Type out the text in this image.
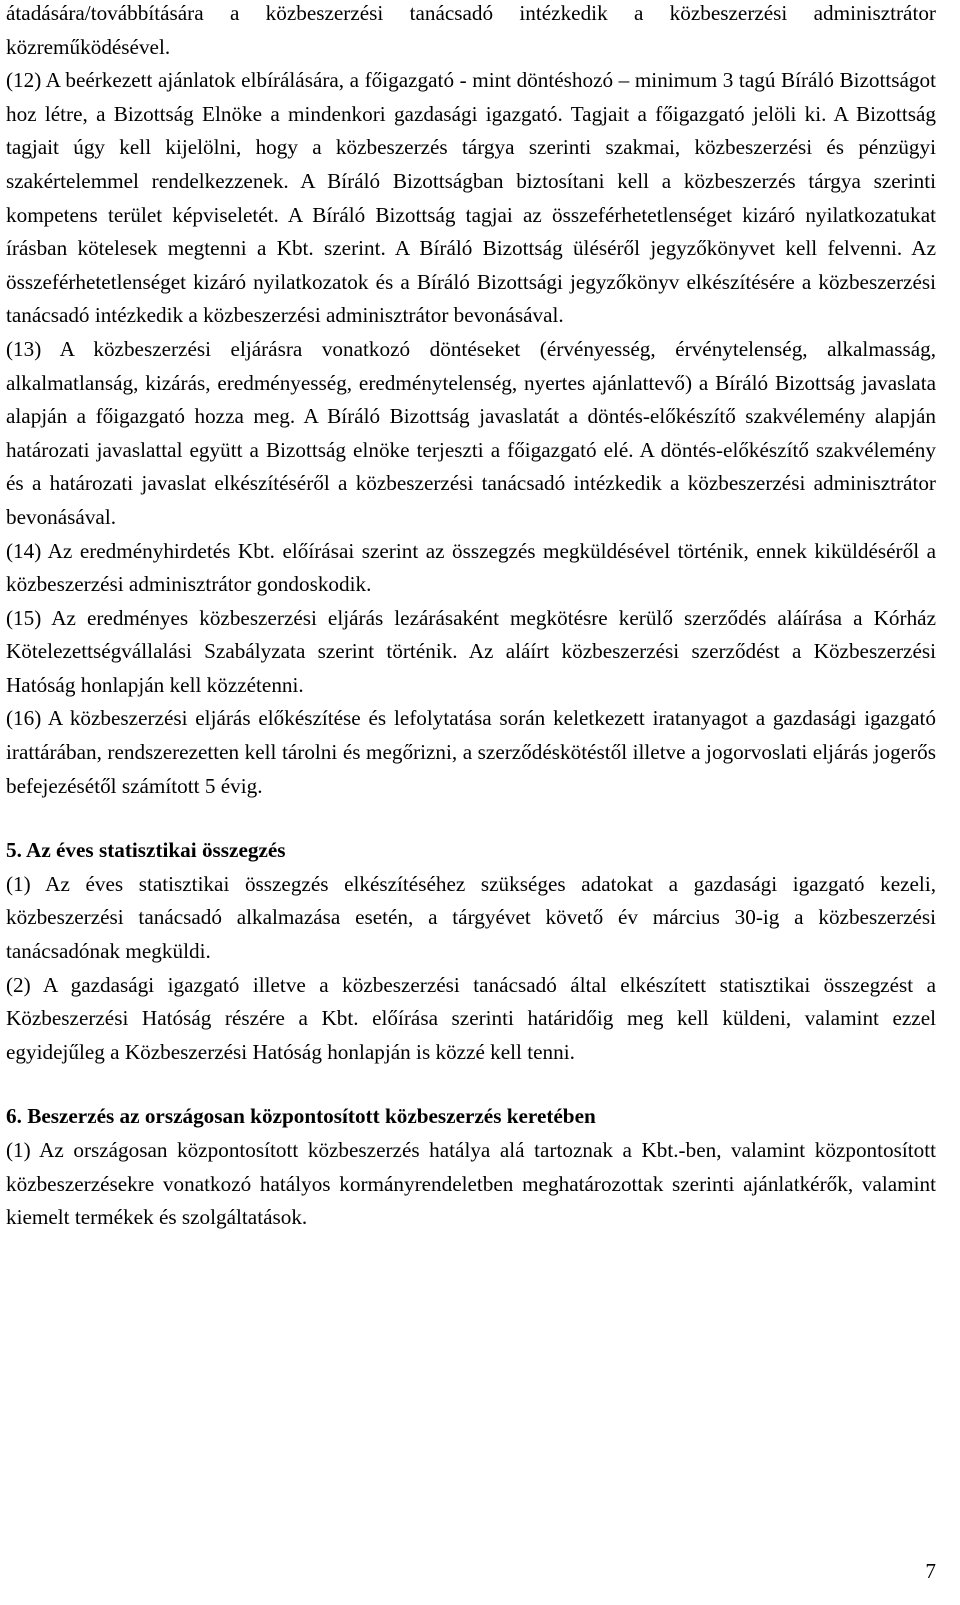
átadására/továbbítására a közbeszerzési tanácsadó intézkedik a közbeszerzési adminisztrátor közreműködésével.

(12) A beérkezett ajánlatok elbírálására, a főigazgató - mint döntéshozó – minimum 3 tagú Bíráló Bizottságot hoz létre, a Bizottság Elnöke a mindenkori gazdasági igazgató. Tagjait a főigazgató jelöli ki. A Bizottság tagjait úgy kell kijelölni, hogy a közbeszerzés tárgya szerinti szakmai, közbeszerzési és pénzügyi szakértelemmel rendelkezzenek. A Bíráló Bizottságban biztosítani kell a közbeszerzés tárgya szerinti kompetens terület képviseletét. A Bíráló Bizottság tagjai az összeférhetetlenséget kizáró nyilatkozatukat írásban kötelesek megtenni a Kbt. szerint. A Bíráló Bizottság üléséről jegyzőkönyvet kell felvenni. Az összeférhetetlenséget kizáró nyilatkozatok és a Bíráló Bizottsági jegyzőkönyv elkészítésére a közbeszerzési tanácsadó intézkedik a közbeszerzési adminisztrátor bevonásával.

(13) A közbeszerzési eljárásra vonatkozó döntéseket (érvényesség, érvénytelenség, alkalmasság, alkalmatlanság, kizárás, eredményesség, eredménytelenség, nyertes ajánlattevő) a Bíráló Bizottság javaslata alapján a főigazgató hozza meg. A Bíráló Bizottság javaslatát a döntés-előkészítő szakvélemény alapján határozati javaslattal együtt a Bizottság elnöke terjeszti a főigazgató elé. A döntés-előkészítő szakvélemény és a határozati javaslat elkészítéséről a közbeszerzési tanácsadó intézkedik a közbeszerzési adminisztrátor bevonásával.

(14) Az eredményhirdetés Kbt. előírásai szerint az összegzés megküldésével történik, ennek kiküldéséről a közbeszerzési adminisztrátor gondoskodik.

(15) Az eredményes közbeszerzési eljárás lezárásaként megkötésre kerülő szerződés aláírása a Kórház Kötelezettségvállalási Szabályzata szerint történik. Az aláírt közbeszerzési szerződést a Közbeszerzési Hatóság honlapján kell közzétenni.

(16) A közbeszerzési eljárás előkészítése és lefolytatása során keletkezett iratanyagot a gazdasági igazgató irattárában, rendszerezetten kell tárolni és megőrizni, a szerződéskötéstől illetve a jogorvoslati eljárás jogerős befejezésétől számított 5 évig.

5. Az éves statisztikai összegzés

(1) Az éves statisztikai összegzés elkészítéséhez szükséges adatokat a gazdasági igazgató kezeli, közbeszerzési tanácsadó alkalmazása esetén, a tárgyévet követő év március 30-ig a közbeszerzési tanácsadónak megküldi.

(2) A gazdasági igazgató illetve a közbeszerzési tanácsadó által elkészített statisztikai összegzést a Közbeszerzési Hatóság részére a Kbt. előírása szerinti határidőig meg kell küldeni, valamint ezzel egyidejűleg a Közbeszerzési Hatóság honlapján is közzé kell tenni.

6. Beszerzés az országosan központosított közbeszerzés keretében

(1) Az országosan központosított közbeszerzés hatálya alá tartoznak a Kbt.-ben, valamint központosított közbeszerzésekre vonatkozó hatályos kormányrendeletben meghatározottak szerinti ajánlatkérők, valamint kiemelt termékek és szolgáltatások.

7
